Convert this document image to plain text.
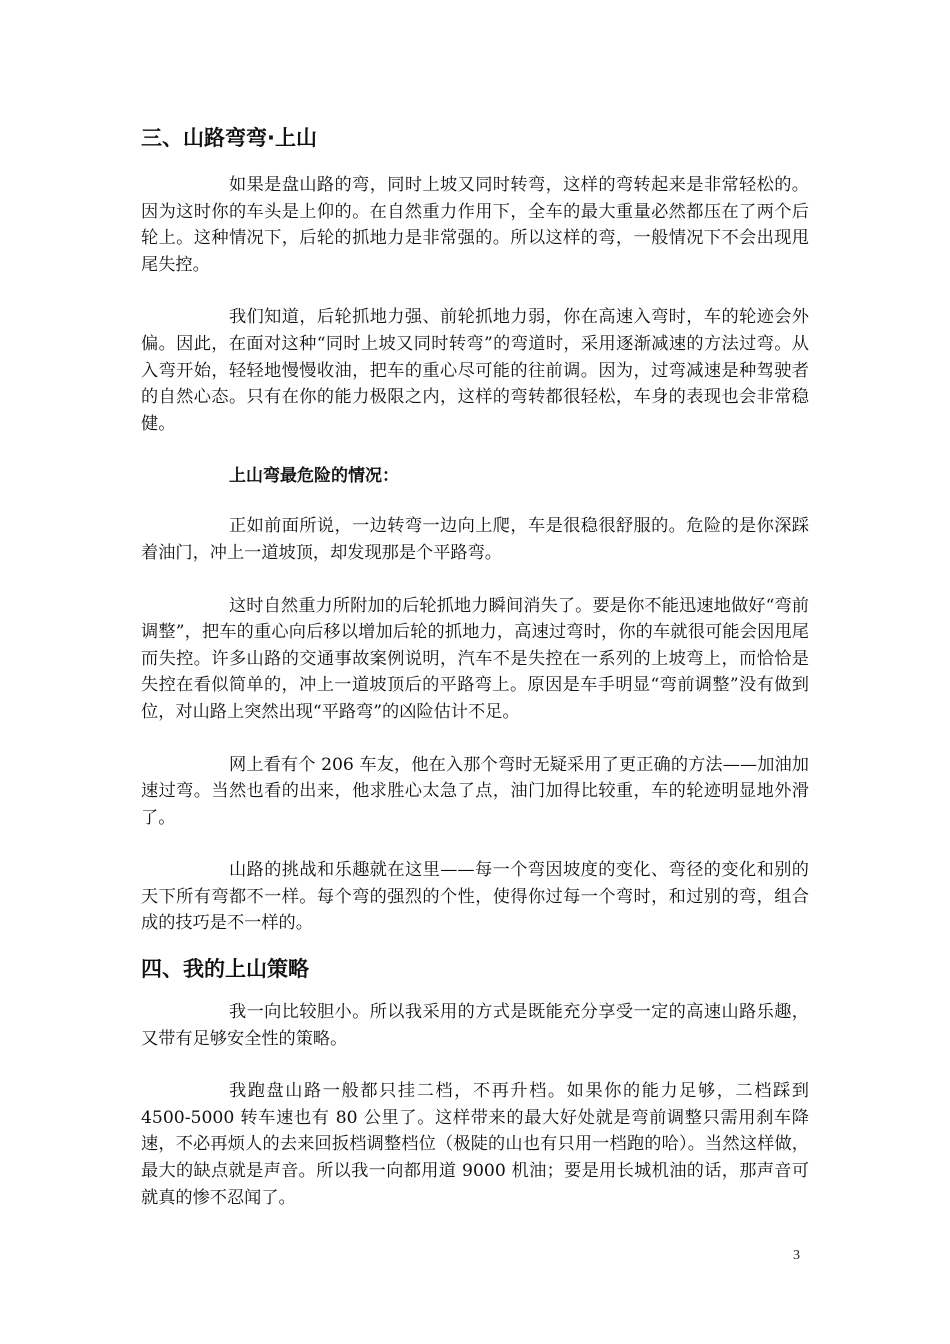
三、山路弯弯·上山

如果是盘山路的弯，同时上坡又同时转弯，这样的弯转起来是非常轻松的。 因为这时你的车头是上仰的。在自然重力作用下，全车的最大重量必然都压在了两个后轮上。这种情况下，后轮的抓地力是非常强的。所以这样的弯，一般情况下不会出现甩尾失控。

我们知道，后轮抓地力强、前轮抓地力弱，你在高速入弯时，车的轮迹会外偏。因此，在面对这种“同时上坡又同时转弯”的弯道时，采用逐渐减速的方法过弯。从入弯开始，轻轻地慢慢收油，把车的重心尽可能的往前调。因为，过弯减速是种驾驶者的自然心态。只有在你的能力极限之内，这样的弯转都很轻松，车身的表现也会非常稳健。

上山弯最危险的情况：

正如前面所说，一边转弯一边向上爬，车是很稳很舒服的。危险的是你深踩着油门，冲上一道坡顶，却发现那是个平路弯。

这时自然重力所附加的后轮抓地力瞬间消失了。要是你不能迅速地做好“弯前调整”，把车的重心向后移以增加后轮的抓地力，高速过弯时，你的车就很可能会因甩尾而失控。许多山路的交通事故案例说明，汽车不是失控在一系列的上坡弯上，而恰恰是失控在看似简单的，冲上一道坡顶后的平路弯上。原因是车手明显“弯前调整”没有做到位，对山路上突然出现“平路弯”的凶险估计不足。

网上看有个 206 车友，他在入那个弯时无疑采用了更正确的方法——加油加速过弯。当然也看的出来，他求胜心太急了点，油门加得比较重，车的轮迹明显地外滑了。

山路的挑战和乐趣就在这里——每一个弯因坡度的变化、弯径的变化和别的天下所有弯都不一样。每个弯的强烈的个性，使得你过每一个弯时，和过别的弯，组合成的技巧是不一样的。

四、我的上山策略

我一向比较胆小。所以我采用的方式是既能充分享受一定的高速山路乐趣，又带有足够安全性的策略。

我跑盘山路一般都只挂二档，不再升档。如果你的能力足够，二档踩到 4500-5000 转车速也有 80 公里了。这样带来的最大好处就是弯前调整只需用刹车降速，不必再烦人的去来回扳档调整档位（极陡的山也有只用一档跑的哈）。当然这样做，最大的缺点就是声音。所以我一向都用道 9000 机油；要是用长城机油的话，那声音可就真的惨不忍闻了。

3
